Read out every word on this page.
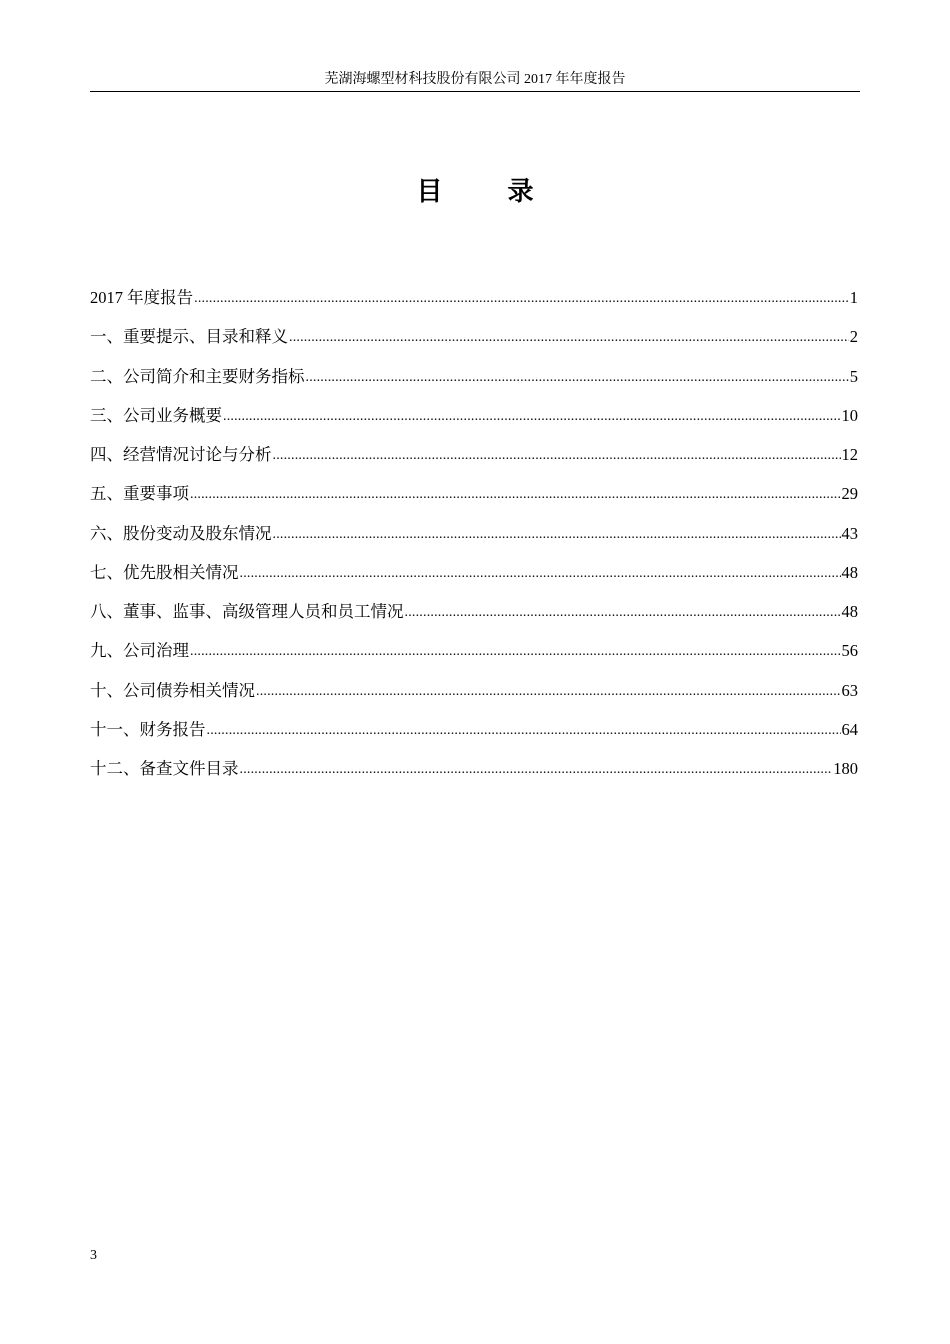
芜湖海螺型材科技股份有限公司 2017 年年度报告
目 录
2017 年度报告 .....	1
一、重要提示、目录和释义 .....	2
二、公司简介和主要财务指标 .....	5
三、公司业务概要 .....	10
四、经营情况讨论与分析 .....	12
五、重要事项 .....	29
六、股份变动及股东情况 .....	43
七、优先股相关情况 .....	48
八、董事、监事、高级管理人员和员工情况 .....	48
九、公司治理 .....	56
十、公司债券相关情况 .....	63
十一、财务报告 .....	64
十二、备查文件目录 .....	180
3
